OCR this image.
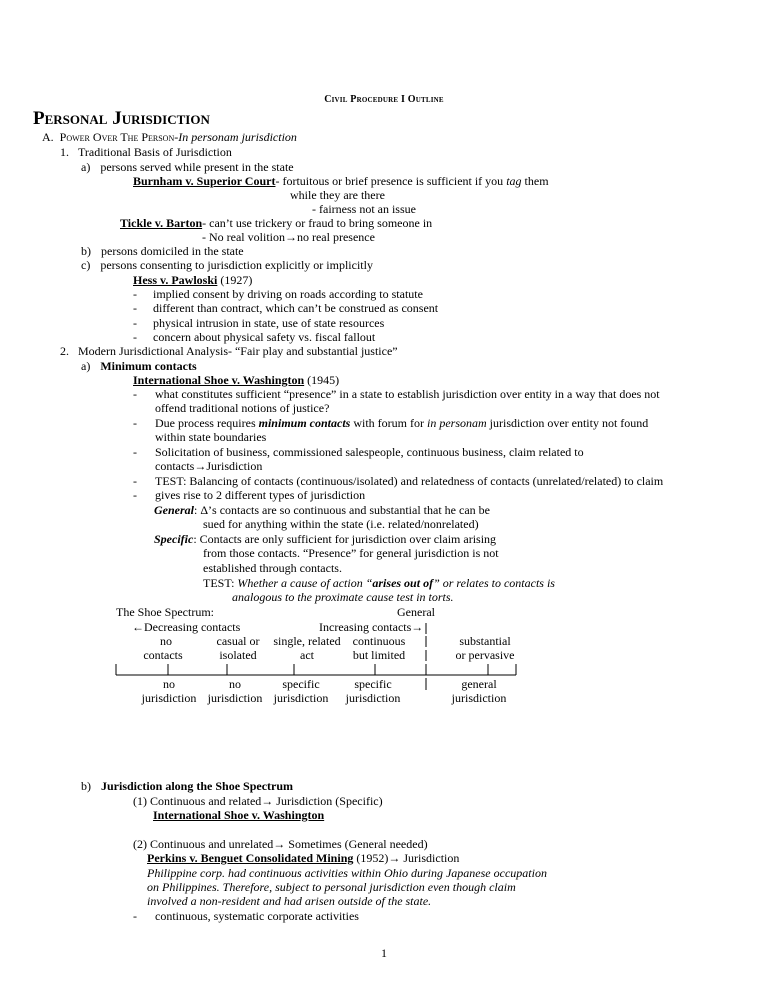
Civil Procedure I Outline
Personal Jurisdiction
A. Power Over The Person-In personam jurisdiction
1. Traditional Basis of Jurisdiction
a) persons served while present in the state
Burnham v. Superior Court- fortuitous or brief presence is sufficient if you tag them
while they are there
- fairness not an issue
Tickle v. Barton- can’t use trickery or fraud to bring someone in
- No real volition→no real presence
b) persons domiciled in the state
c) persons consenting to jurisdiction explicitly or implicitly
Hess v. Pawloski (1927)
- implied consent by driving on roads according to statute
- different than contract, which can’t be construed as consent
- physical intrusion in state, use of state resources
- concern about physical safety vs. fiscal fallout
2. Modern Jurisdictional Analysis- “Fair play and substantial justice”
a) Minimum contacts
International Shoe v. Washington (1945)
- what constitutes sufficient “presence” in a state to establish jurisdiction over entity in a way that does not
offend traditional notions of justice?
- Due process requires minimum contacts with forum for in personam jurisdiction over entity not found
within state boundaries
- Solicitation of business, commissioned salespeople, continuous business, claim related to
contacts→Jurisdiction
- TEST: Balancing of contacts (continuous/isolated) and relatedness of contacts (unrelated/related) to claim
- gives rise to 2 different types of jurisdiction
General: Δ’s contacts are so continuous and substantial that he can be
sued for anything within the state (i.e. related/nonrelated)
Specific: Contacts are only sufficient for jurisdiction over claim arising
from those contacts. “Presence” for general jurisdiction is not
established through contacts.
TEST: Whether a cause of action “arises out of” or relates to contacts is
analogous to the proximate cause test in torts.
The Shoe Spectrum:	General
←Decreasing contacts	Increasing contacts→
no
contacts
casual or
isolated
single, related
act
continuous
but limited
substantial
or pervasive
no
jurisdiction
no
jurisdiction
specific
jurisdiction
specific
jurisdiction
general
jurisdiction
b) Jurisdiction along the Shoe Spectrum
(1) Continuous and related→ Jurisdiction (Specific)
International Shoe v. Washington
(2) Continuous and unrelated→ Sometimes (General needed)
Perkins v. Benguet Consolidated Mining (1952)→ Jurisdiction
Philippine corp. had continuous activities within Ohio during Japanese occupation
on Philippines. Therefore, subject to personal jurisdiction even though claim
involved a non-resident and had arisen outside of the state.
- continuous, systematic corporate activities
1
